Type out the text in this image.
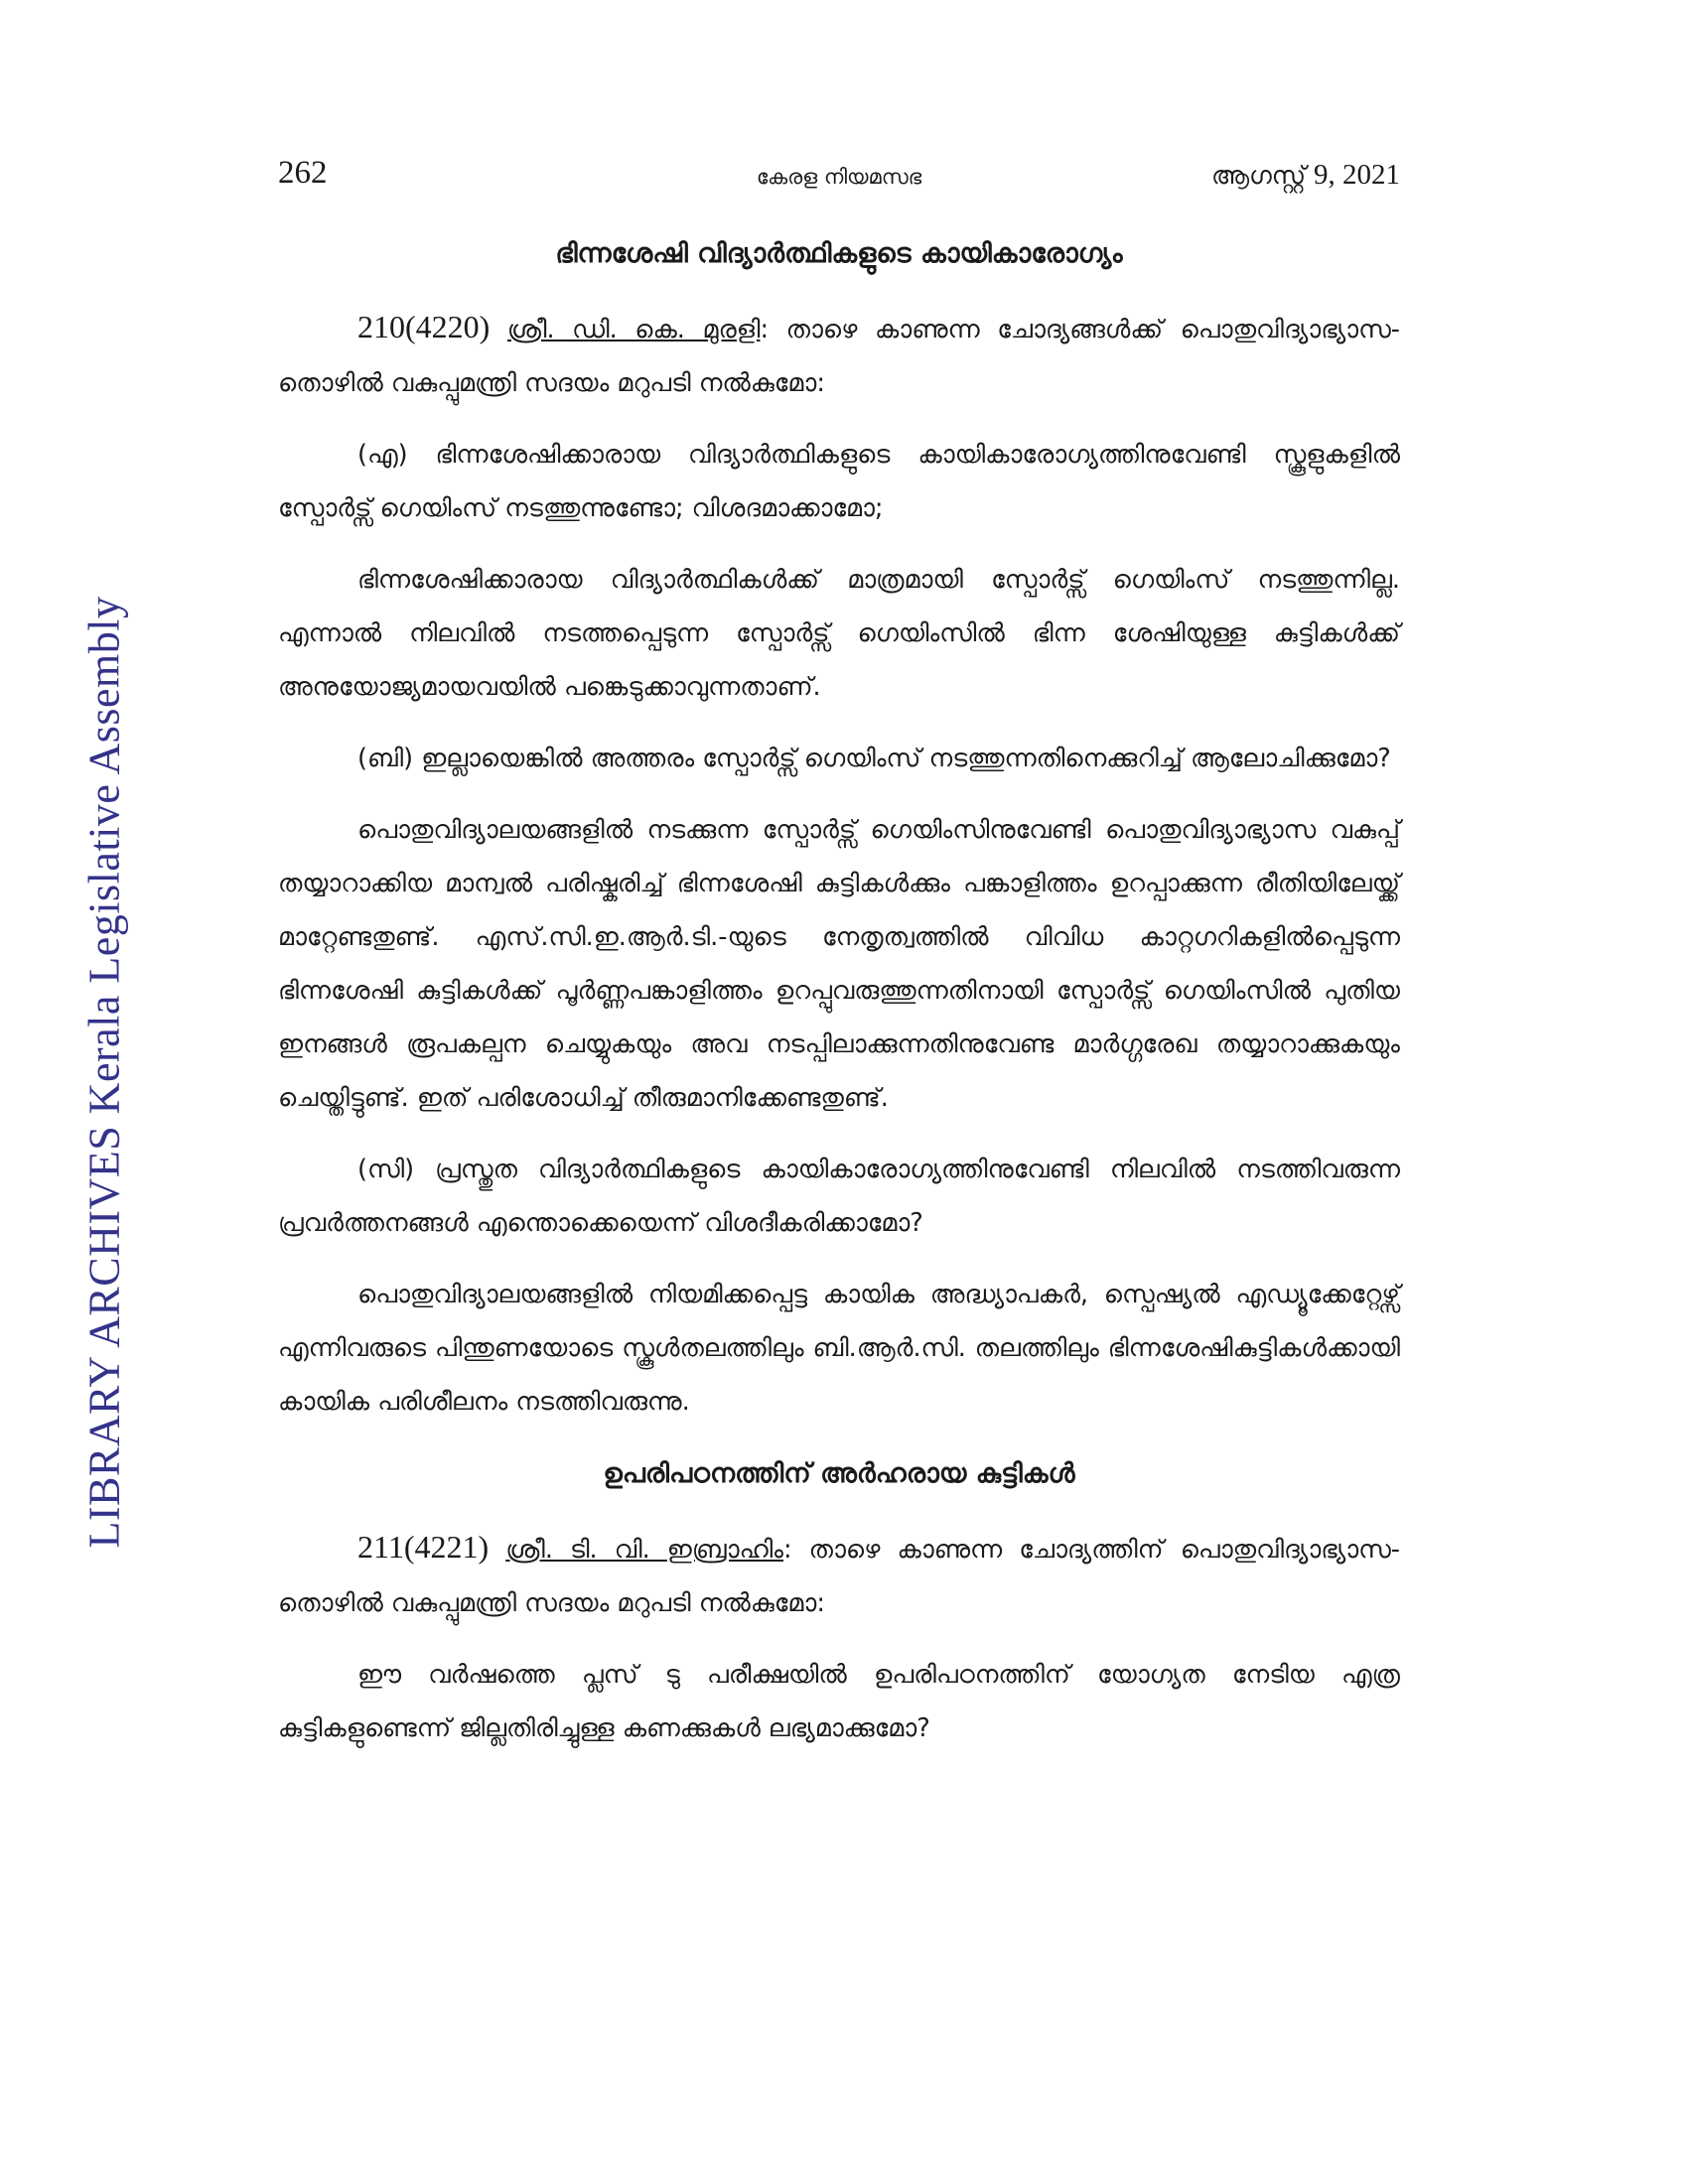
LIBRARY ARCHIVES Kerala Legislative Assembly
262	കേരള നിയമസഭ	ആഗസ്റ്റ് 9, 2021
ഭിന്നശേഷി വിദ്യാർത്ഥികളുടെ കായികാരോഗ്യം

210(4220) ശ്രീ. ഡി. കെ. മുരളി: താഴെ കാണുന്ന ചോദ്യങ്ങൾക്ക് പൊതുവിദ്യാഭ്യാസ-തൊഴിൽ വകുപ്പുമന്ത്രി സദയം മറുപടി നൽകുമോ:

(എ) ഭിന്നശേഷിക്കാരായ വിദ്യാർത്ഥികളുടെ കായികാരോഗ്യത്തിനുവേണ്ടി സ്കൂളുകളിൽ സ്പോർട്സ് ഗെയിംസ് നടത്തുന്നുണ്ടോ; വിശദമാക്കാമോ;

ഭിന്നശേഷിക്കാരായ വിദ്യാർത്ഥികൾക്ക് മാത്രമായി സ്പോർട്സ് ഗെയിംസ് നടത്തുന്നില്ല. എന്നാൽ നിലവിൽ നടത്തപ്പെടുന്ന സ്പോർട്സ് ഗെയിംസിൽ ഭിന്ന ശേഷിയുള്ള കുട്ടികൾക്ക് അനുയോജ്യമായവയിൽ പങ്കെടുക്കാവുന്നതാണ്.

(ബി) ഇല്ലായെങ്കിൽ അത്തരം സ്പോർട്സ് ഗെയിംസ് നടത്തുന്നതിനെക്കുറിച്ച് ആലോചിക്കുമോ?

പൊതുവിദ്യാലയങ്ങളിൽ നടക്കുന്ന സ്പോർട്സ് ഗെയിംസിനുവേണ്ടി പൊതുവിദ്യാഭ്യാസ വകുപ്പ് തയ്യാറാക്കിയ മാന്വൽ പരിഷ്കരിച്ച് ഭിന്നശേഷി കുട്ടികൾക്കും പങ്കാളിത്തം ഉറപ്പാക്കുന്ന രീതിയിലേയ്ക്ക് മാറ്റേണ്ടതുണ്ട്. എസ്.സി.ഇ.ആർ.ടി.-യുടെ നേതൃത്വത്തിൽ വിവിധ കാറ്റഗറികളിൽപ്പെടുന്ന ഭിന്നശേഷി കുട്ടികൾക്ക് പൂർണ്ണപങ്കാളിത്തം ഉറപ്പുവരുത്തുന്നതിനായി സ്പോർട്സ് ഗെയിംസിൽ പുതിയ ഇനങ്ങൾ രൂപകല്പന ചെയ്യുകയും അവ നടപ്പിലാക്കുന്നതിനുവേണ്ട മാർഗ്ഗരേഖ തയ്യാറാക്കുകയും ചെയ്തിട്ടുണ്ട്. ഇത് പരിശോധിച്ച് തീരുമാനിക്കേണ്ടതുണ്ട്.

(സി) പ്രസ്തുത വിദ്യാർത്ഥികളുടെ കായികാരോഗ്യത്തിനുവേണ്ടി നിലവിൽ നടത്തിവരുന്ന പ്രവർത്തനങ്ങൾ എന്തൊക്കെയെന്ന് വിശദീകരിക്കാമോ?

പൊതുവിദ്യാലയങ്ങളിൽ നിയമിക്കപ്പെട്ട കായിക അദ്ധ്യാപകർ, സ്പെഷ്യൽ എഡ്യൂക്കേറ്റേഴ്സ് എന്നിവരുടെ പിന്തുണയോടെ സ്കൂൾതലത്തിലും ബി.ആർ.സി. തലത്തിലും ഭിന്നശേഷികുട്ടികൾക്കായി കായിക പരിശീലനം നടത്തിവരുന്നു.

ഉപരിപഠനത്തിന് അർഹരായ കുട്ടികൾ

211(4221) ശ്രീ. ടി. വി. ഇബ്രാഹിം: താഴെ കാണുന്ന ചോദ്യത്തിന് പൊതുവിദ്യാഭ്യാസ-തൊഴിൽ വകുപ്പുമന്ത്രി സദയം മറുപടി നൽകുമോ:

ഈ വർഷത്തെ പ്ലസ് ടു പരീക്ഷയിൽ ഉപരിപഠനത്തിന് യോഗ്യത നേടിയ എത്ര കുട്ടികളുണ്ടെന്ന് ജില്ലതിരിച്ചുള്ള കണക്കുകൾ ലഭ്യമാക്കുമോ?
